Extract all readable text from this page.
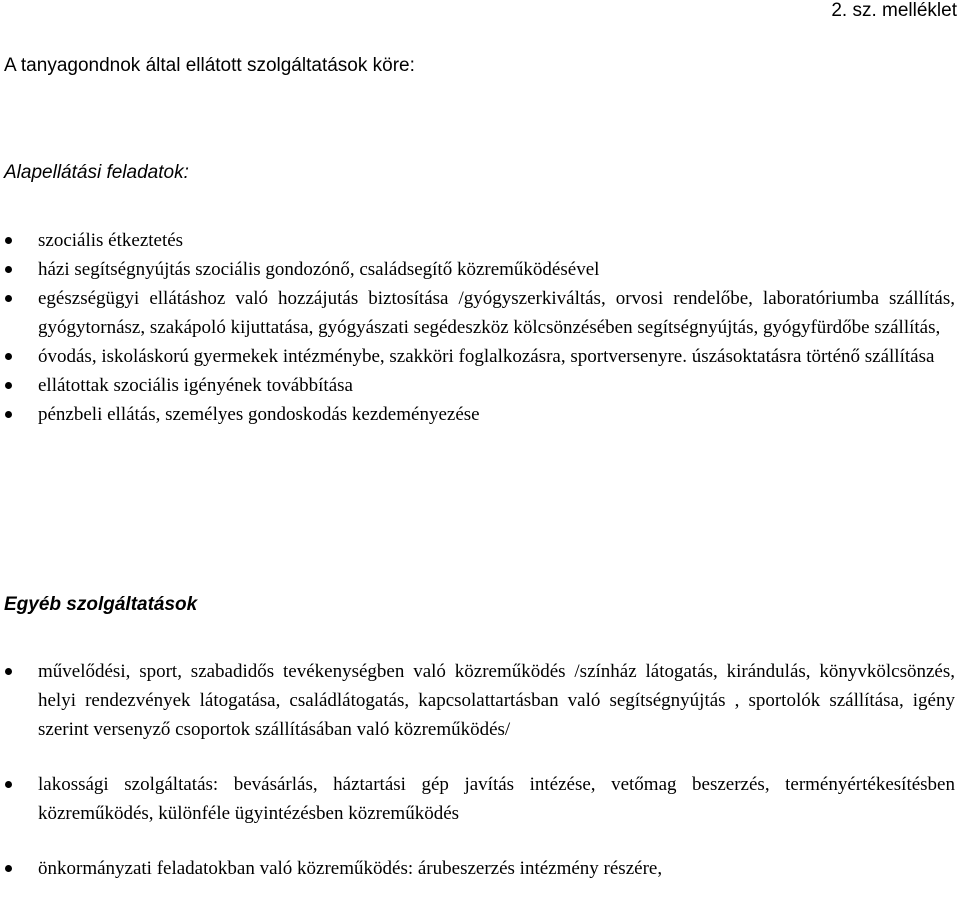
2. sz. melléklet
A tanyagondnok által ellátott szolgáltatások köre:
Alapellátási feladatok:
szociális étkeztetés
házi segítségnyújtás szociális gondozónő, családsegítő közreműködésével
egészségügyi ellátáshoz való hozzájutás biztosítása /gyógyszerkiváltás, orvosi rendelőbe, laboratóriumba szállítás, gyógytornász, szakápoló kijuttatása, gyógyászati segédeszköz kölcsönzésében segítségnyújtás, gyógyfürdőbe szállítás,
óvodás, iskoláskorú gyermekek intézménybe, szakköri foglalkozásra, sportversenyre. úszásoktatásra történő szállítása
ellátottak szociális igényének továbbítása
pénzbeli ellátás, személyes gondoskodás kezdeményezése
Egyéb szolgáltatások
művelődési, sport, szabadidős tevékenységben való közreműködés /színház látogatás, kirándulás, könyvkölcsönzés, helyi rendezvények látogatása, családlátogatás, kapcsolattartásban való segítségnyújtás , sportolók szállítása, igény szerint versenyző csoportok szállításában való közreműködés/
lakossági szolgáltatás: bevásárlás, háztartási gép javítás intézése, vetőmag beszerzés, terményértékesítésben közreműködés, különféle ügyintézésben közreműködés
önkormányzati feladatokban való közreműködés: árubeszerzés intézmény részére,
